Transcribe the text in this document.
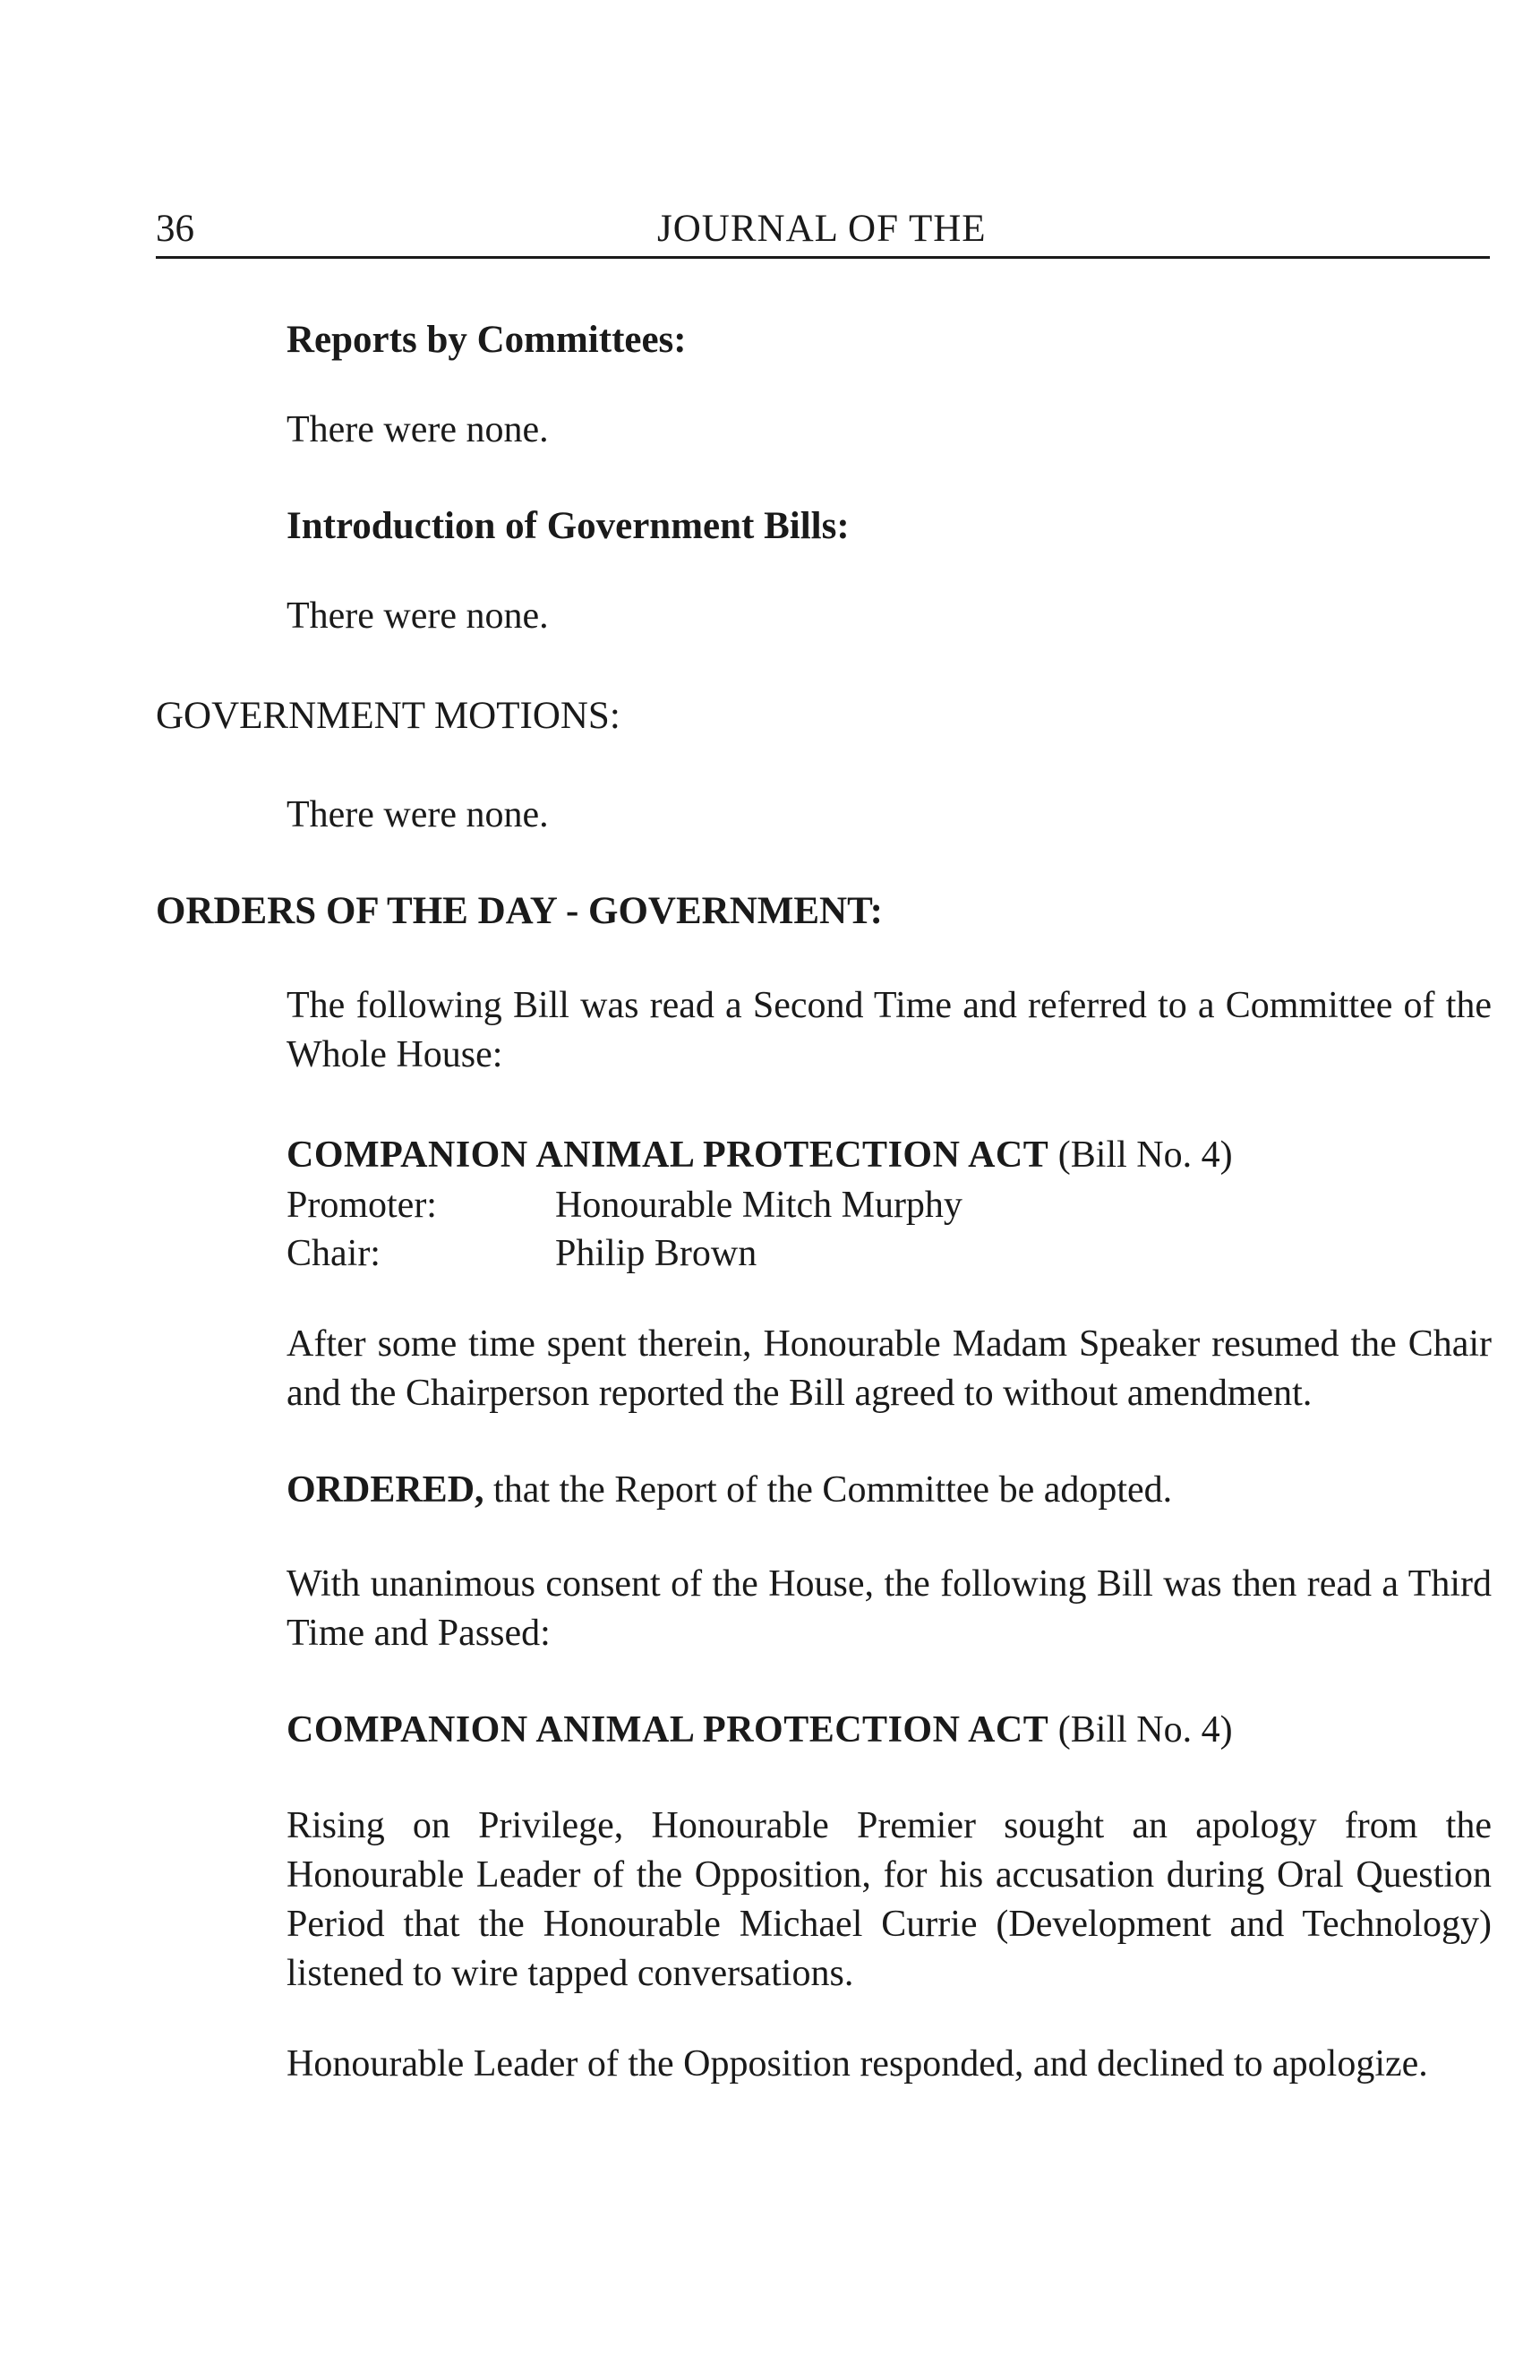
36	JOURNAL OF THE
Reports by Committees:
There were none.
Introduction of Government Bills:
There were none.
GOVERNMENT MOTIONS:
There were none.
ORDERS OF THE DAY - GOVERNMENT:
The following Bill was read a Second Time and referred to a Committee of the Whole House:
COMPANION ANIMAL PROTECTION ACT (Bill No. 4)
Promoter:	Honourable Mitch Murphy
Chair:	Philip Brown
After some time spent therein, Honourable Madam Speaker resumed the Chair and the Chairperson reported the Bill agreed to without amendment.
ORDERED, that the Report of the Committee be adopted.
With unanimous consent of the House, the following Bill was then read a Third Time and Passed:
COMPANION ANIMAL PROTECTION ACT (Bill No. 4)
Rising on Privilege, Honourable Premier sought an apology from the Honourable Leader of the Opposition, for his accusation during Oral Question Period that the Honourable Michael Currie (Development and Technology) listened to wire tapped conversations.
Honourable Leader of the Opposition responded, and declined to apologize.
